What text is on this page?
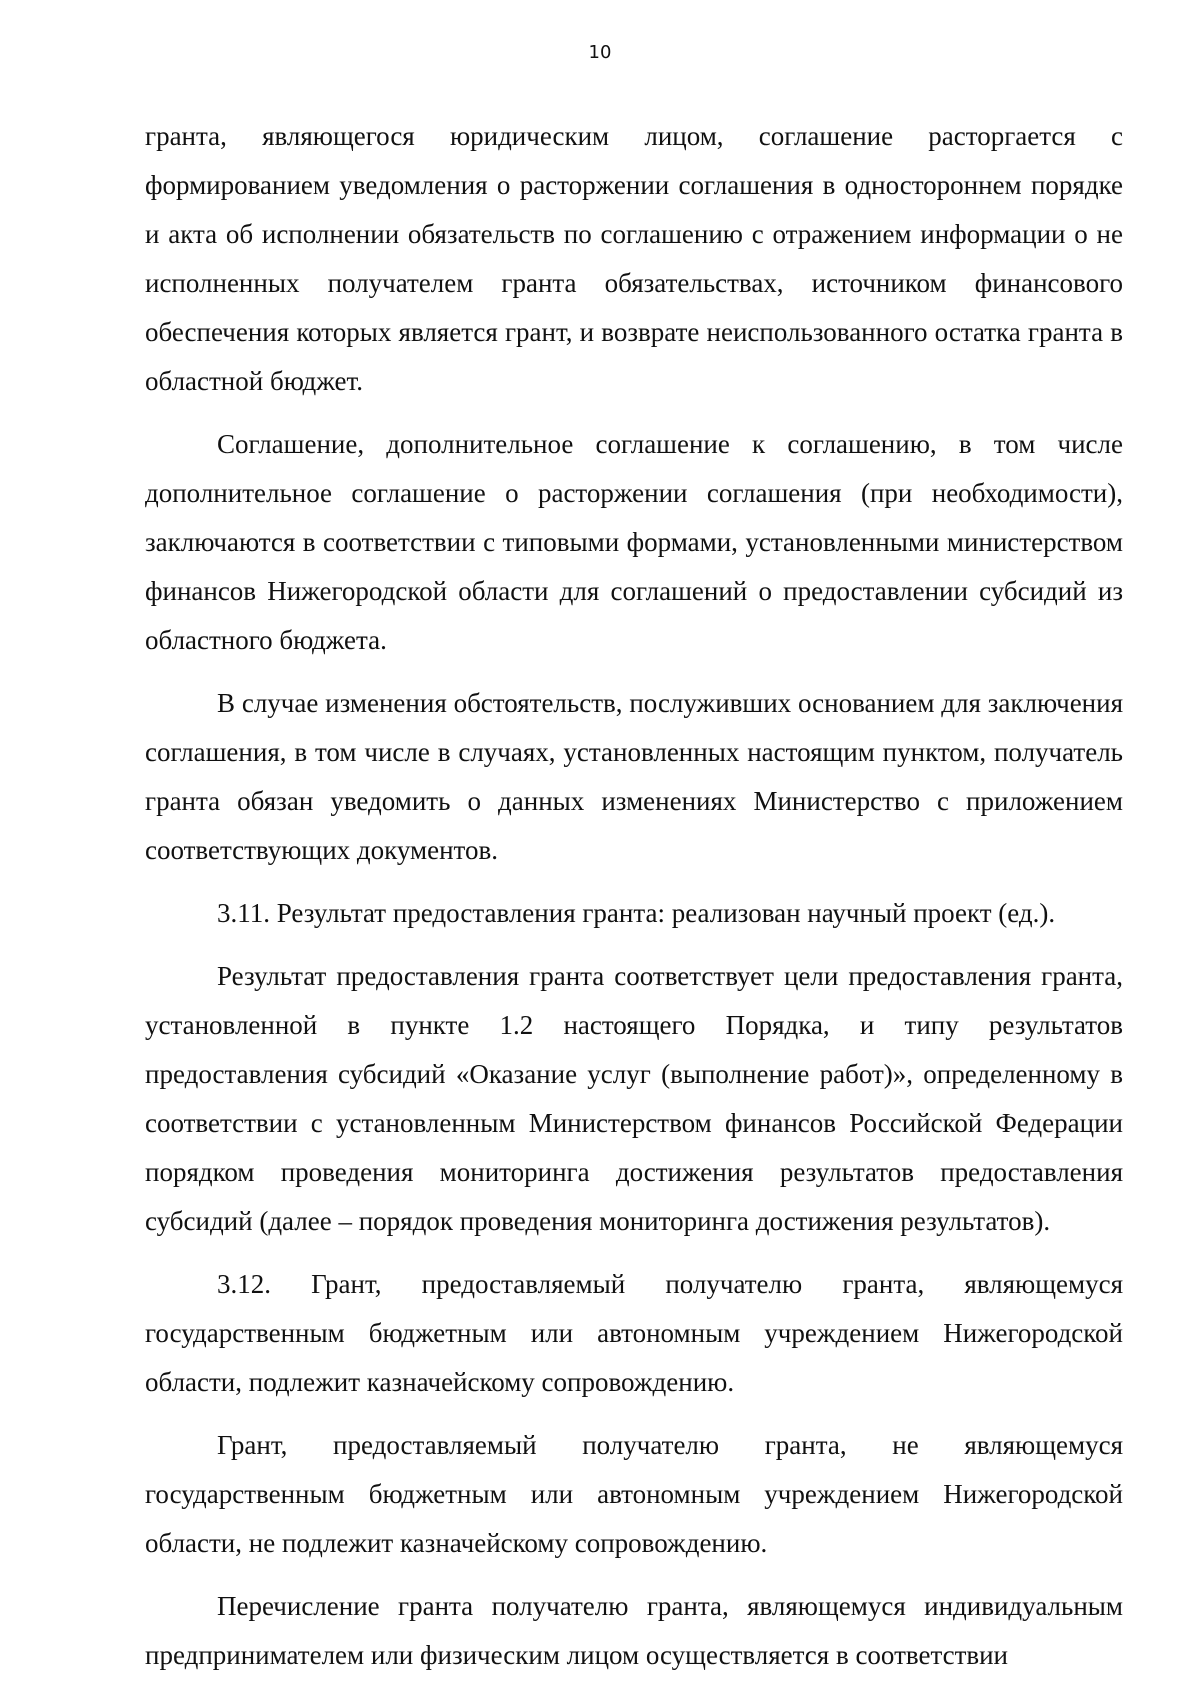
10

гранта, являющегося юридическим лицом, соглашение расторгается с формированием уведомления о расторжении соглашения в одностороннем порядке и акта об исполнении обязательств по соглашению с отражением информации о не исполненных получателем гранта обязательствах, источником финансового обеспечения которых является грант, и возврате неиспользованного остатка гранта в областной бюджет.

Соглашение, дополнительное соглашение к соглашению, в том числе дополнительное соглашение о расторжении соглашения (при необходимости), заключаются в соответствии с типовыми формами, установленными министерством финансов Нижегородской области для соглашений о предоставлении субсидий из областного бюджета.

В случае изменения обстоятельств, послуживших основанием для заключения соглашения, в том числе в случаях, установленных настоящим пунктом, получатель гранта обязан уведомить о данных изменениях Министерство с приложением соответствующих документов.

3.11. Результат предоставления гранта: реализован научный проект (ед.).

Результат предоставления гранта соответствует цели предоставления гранта, установленной в пункте 1.2 настоящего Порядка, и типу результатов предоставления субсидий «Оказание услуг (выполнение работ)», определенному в соответствии с установленным Министерством финансов Российской Федерации порядком проведения мониторинга достижения результатов предоставления субсидий (далее – порядок проведения мониторинга достижения результатов).

3.12. Грант, предоставляемый получателю гранта, являющемуся государственным бюджетным или автономным учреждением Нижегородской области, подлежит казначейскому сопровождению.

Грант, предоставляемый получателю гранта, не являющемуся государственным бюджетным или автономным учреждением Нижегородской области, не подлежит казначейскому сопровождению.

Перечисление гранта получателю гранта, являющемуся индивидуальным предпринимателем или физическим лицом осуществляется в соответствии
